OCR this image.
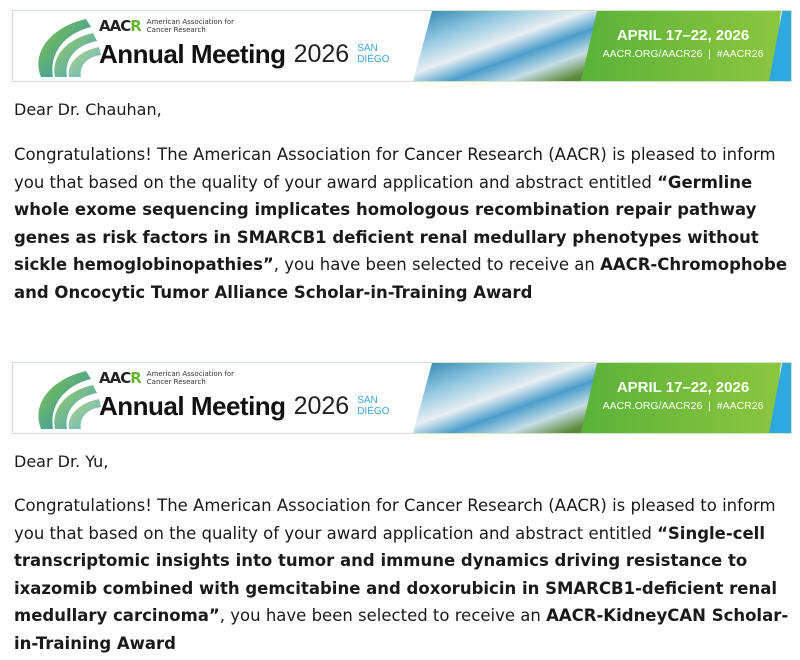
AACR American Association for Cancer Research
Annual Meeting 2026 SAN
DIEGO
APRIL 17–22, 2026
AACR.ORG/AACR26  |  #AACR26
Dear Dr. Chauhan,
Congratulations! The American Association for Cancer Research (AACR) is pleased to inform you that based on the quality of your award application and abstract entitled “Germline whole exome sequencing implicates homologous recombination repair pathway genes as risk factors in SMARCB1 deficient renal medullary phenotypes without sickle hemoglobinopathies”, you have been selected to receive an AACR-Chromophobe and Oncocytic Tumor Alliance Scholar-in-Training Award
AACR American Association for Cancer Research
Annual Meeting 2026 SAN
DIEGO
APRIL 17–22, 2026
AACR.ORG/AACR26  |  #AACR26
Dear Dr. Yu,
Congratulations! The American Association for Cancer Research (AACR) is pleased to inform you that based on the quality of your award application and abstract entitled “Single-cell transcriptomic insights into tumor and immune dynamics driving resistance to ixazomib combined with gemcitabine and doxorubicin in SMARCB1-deficient renal medullary carcinoma”, you have been selected to receive an AACR-KidneyCAN Scholar-in-Training Award
